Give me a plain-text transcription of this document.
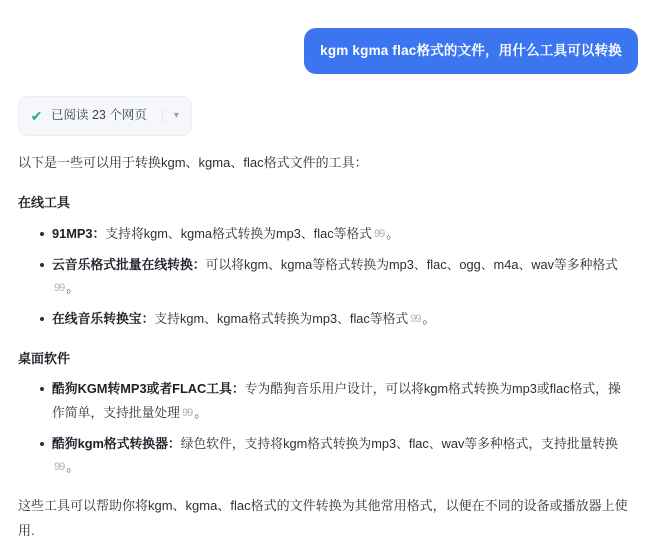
kgm kgma flac格式的文件，用什么工具可以转换
✔ 已阅读 23 个网页	▾

以下是一些可以用于转换kgm、kgma、flac格式文件的工具：

在线工具
91MP3：支持将kgm、kgma格式转换为mp3、flac等格式 99 。
云音乐格式批量在线转换：可以将kgm、kgma等格式转换为mp3、flac、ogg、m4a、wav等多种格式99 。
在线音乐转换宝：支持kgm、kgma格式转换为mp3、flac等格式 99 。
桌面软件
酷狗KGM转MP3或者FLAC工具：专为酷狗音乐用户设计，可以将kgm格式转换为mp3或flac格式，操作简单，支持批量处理 99 。
酷狗kgm格式转换器：绿色软件，支持将kgm格式转换为mp3、flac、wav等多种格式，支持批量转换99 。

这些工具可以帮助你将kgm、kgma、flac格式的文件转换为其他常用格式，以便在不同的设备或播放器上使用.
